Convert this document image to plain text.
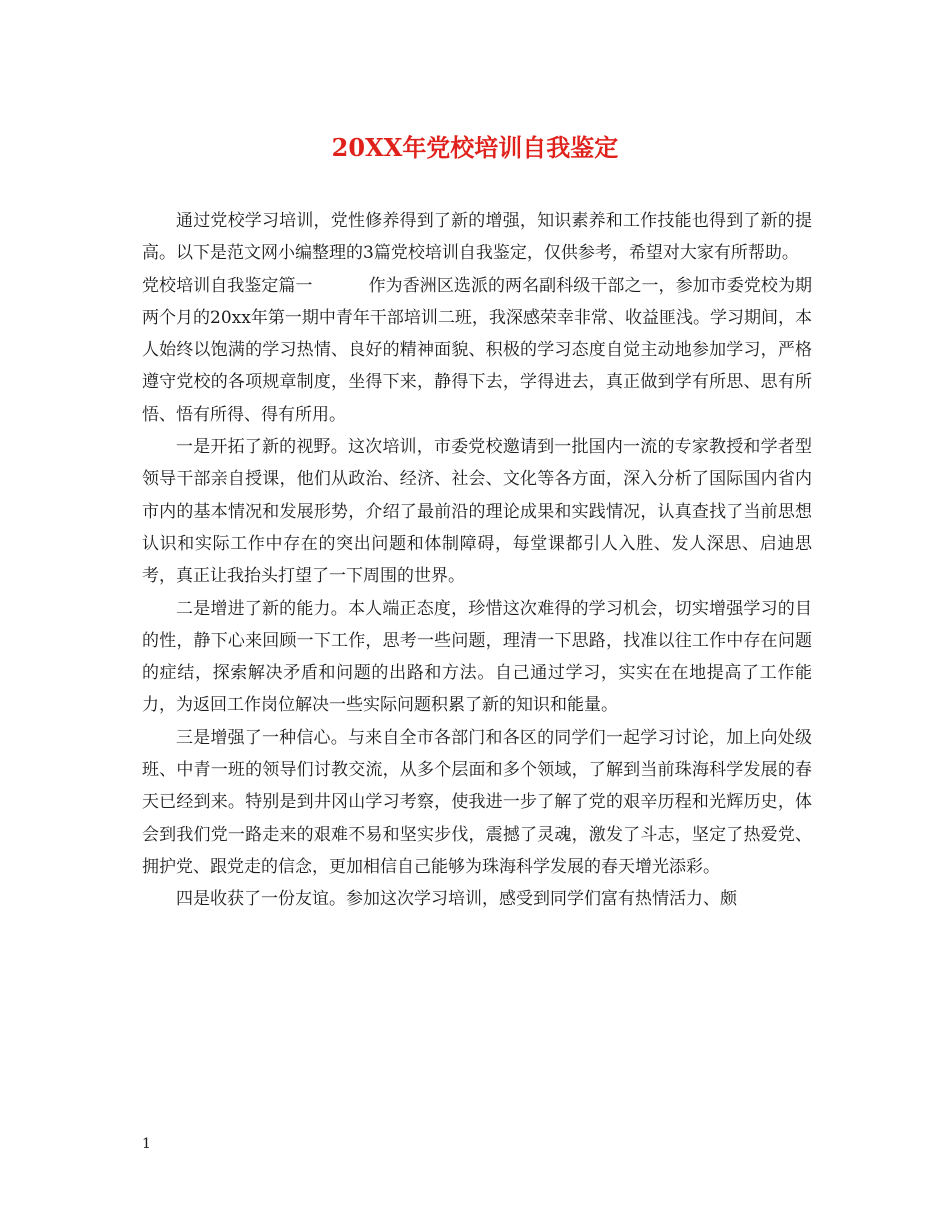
20XX年党校培训自我鉴定

通过党校学习培训，党性修养得到了新的增强，知识素养和工作技能也得到了新的提高。以下是范文网小编整理的3篇党校培训自我鉴定，仅供参考，希望对大家有所帮助。

党校培训自我鉴定篇一	作为香洲区选派的两名副科级干部之一，参加市委党校为期两个月的20xx年第一期中青年干部培训二班，我深感荣幸非常、收益匪浅。学习期间，本人始终以饱满的学习热情、良好的精神面貌、积极的学习态度自觉主动地参加学习，严格遵守党校的各项规章制度，坐得下来，静得下去，学得进去，真正做到学有所思、思有所悟、悟有所得、得有所用。

一是开拓了新的视野。这次培训，市委党校邀请到一批国内一流的专家教授和学者型领导干部亲自授课，他们从政治、经济、社会、文化等各方面，深入分析了国际国内省内市内的基本情况和发展形势，介绍了最前沿的理论成果和实践情况，认真查找了当前思想认识和实际工作中存在的突出问题和体制障碍，每堂课都引人入胜、发人深思、启迪思考，真正让我抬头打望了一下周围的世界。

二是增进了新的能力。本人端正态度，珍惜这次难得的学习机会，切实增强学习的目的性，静下心来回顾一下工作，思考一些问题，理清一下思路，找准以往工作中存在问题的症结，探索解决矛盾和问题的出路和方法。自己通过学习，实实在在地提高了工作能力，为返回工作岗位解决一些实际问题积累了新的知识和能量。

三是增强了一种信心。与来自全市各部门和各区的同学们一起学习讨论，加上向处级班、中青一班的领导们讨教交流，从多个层面和多个领域，了解到当前珠海科学发展的春天已经到来。特别是到井冈山学习考察，使我进一步了解了党的艰辛历程和光辉历史，体会到我们党一路走来的艰难不易和坚实步伐，震撼了灵魂，激发了斗志，坚定了热爱党、拥护党、跟党走的信念，更加相信自己能够为珠海科学发展的春天增光添彩。

四是收获了一份友谊。参加这次学习培训，感受到同学们富有热情活力、颇

1
